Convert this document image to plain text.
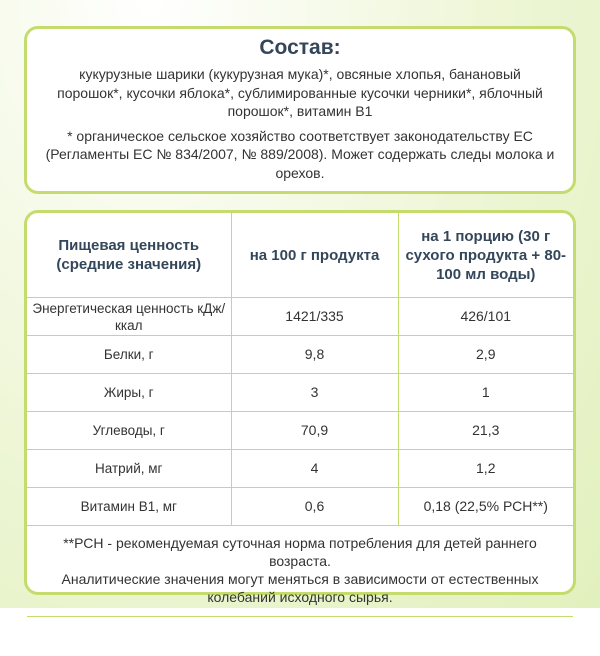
Состав:
кукурузные шарики (кукурузная мука)*, овсяные хлопья, банановый порошок*, кусочки яблока*, сублимированные кусочки черники*, яблочный порошок*, витамин B1
* органическое сельское хозяйство соответствует законодательству ЕС (Регламенты ЕС № 834/2007, № 889/2008). Может содержать следы молока и орехов.
Пищевая ценность (средние значения)	на 100 г продукта	на 1 порцию (30 г сухого продукта + 80-100 мл воды)
Энергетическая ценность кДж/ккал	1421/335	426/101
Белки, г	9,8	2,9
Жиры, г	3	1
Углеводы, г	70,9	21,3
Натрий, мг	4	1,2
Витамин B1, мг	0,6	0,18 (22,5% РСН**)

**РСН - рекомендуемая суточная норма потребления для детей раннего возраста.
Аналитические значения могут меняться в зависимости от естественных колебаний исходного сырья.		
